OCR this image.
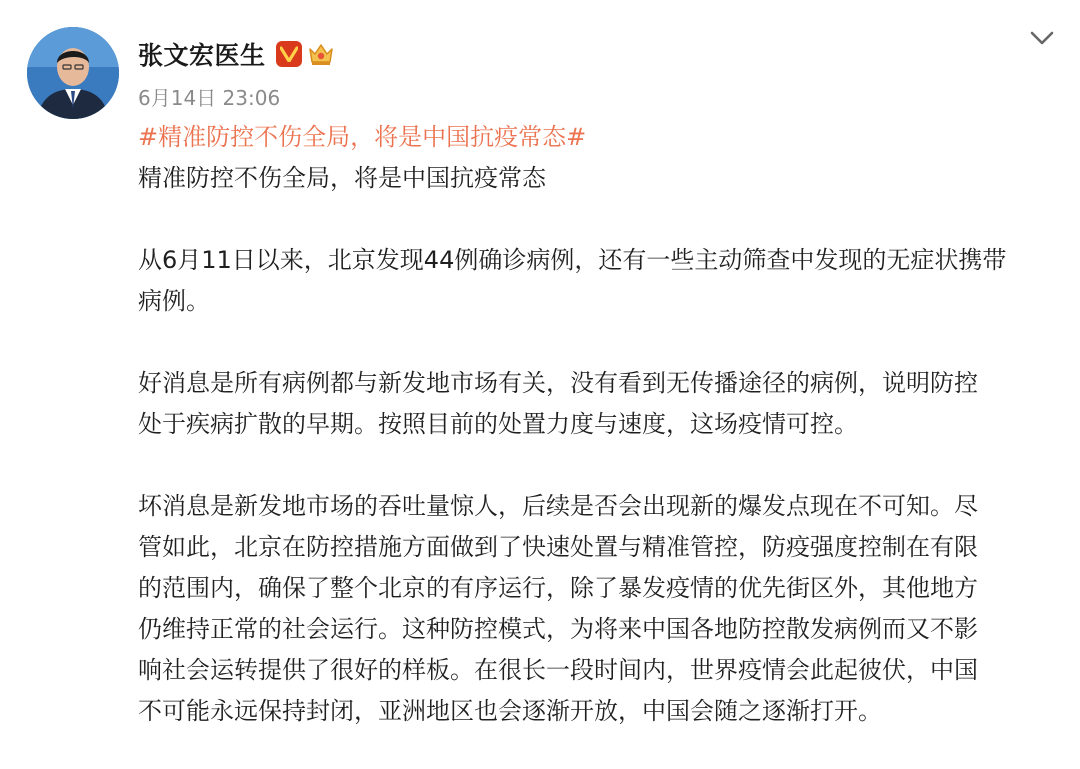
张文宏医生
6月14日 23:06
#精准防控不伤全局，将是中国抗疫常态#

精准防控不伤全局，将是中国抗疫常态

从6月11日以来，北京发现44例确诊病例，还有一些主动筛查中发现的无症状携带
病例。

好消息是所有病例都与新发地市场有关，没有看到无传播途径的病例，说明防控
处于疾病扩散的早期。按照目前的处置力度与速度，这场疫情可控。

坏消息是新发地市场的吞吐量惊人，后续是否会出现新的爆发点现在不可知。尽
管如此，北京在防控措施方面做到了快速处置与精准管控，防疫强度控制在有限
的范围内，确保了整个北京的有序运行，除了暴发疫情的优先街区外，其他地方
仍维持正常的社会运行。这种防控模式，为将来中国各地防控散发病例而又不影
响社会运转提供了很好的样板。在很长一段时间内，世界疫情会此起彼伏，中国
不可能永远保持封闭，亚洲地区也会逐渐开放，中国会随之逐渐打开。
